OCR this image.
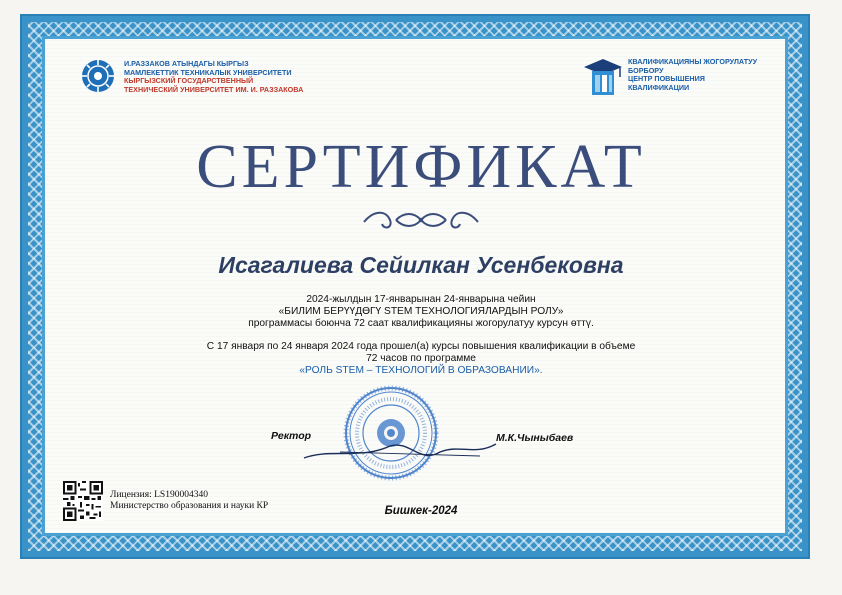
И.РАЗЗАКОВ АТЫНДАГЫ КЫРГЫЗ
МАМЛЕКЕТТИК ТЕХНИКАЛЫК УНИВЕРСИТЕТИ
КЫРГЫЗСКИЙ ГОСУДАРСТВЕННЫЙ
ТЕХНИЧЕСКИЙ УНИВЕРСИТЕТ ИМ. И. РАЗЗАКОВА
КВАЛИФИКАЦИЯНЫ ЖОГОРУЛАТУУ
БОРБОРУ
ЦЕНТР ПОВЫШЕНИЯ
КВАЛИФИКАЦИИ
СЕРТИФИКАТ
Исагалиева Сейилкан Усенбековна
2024-жылдын 17-январынан 24-январына чейин
«БИЛИМ БЕРҮҮДӨГҮ STEM ТЕХНОЛОГИЯЛАРДЫН РОЛУ»
программасы боюнча 72 саат квалификацияны жогорулатуу курсун өттү.
С 17 января по 24 января 2024 года прошел(а) курсы повышения квалификации в объеме
72 часов по программе
«РОЛЬ STEM – ТЕХНОЛОГИЙ В ОБРАЗОВАНИИ».
Ректор	М.К.Чыныбаев
Лицензия: LS190004340
Министерство образования и науки КР	Бишкек-2024
